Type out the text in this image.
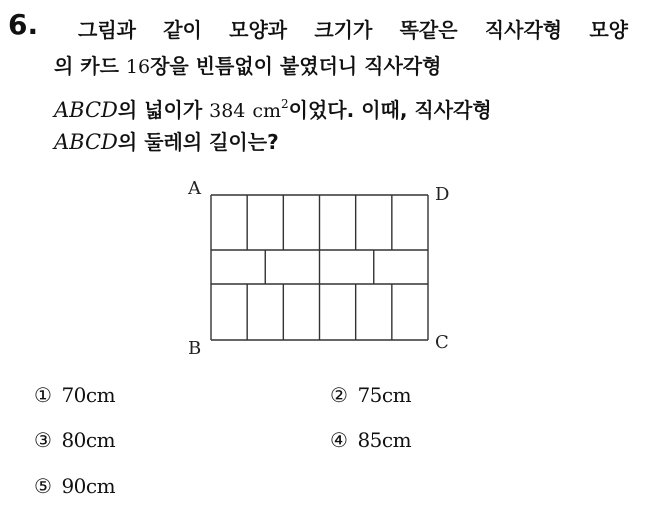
6. 그림과 같이 모양과 크기가 똑같은 직사각형 모양
의 카드 16장을 빈틈없이 붙였더니 직사각형
ABCD의 넓이가 384 $cm^2$이었다. 이때, 직사각형
ABCD의 둘레의 길이는?
A	D
B	C
① 70cm	② 75cm
③ 80cm	④ 85cm
⑤ 90cm
